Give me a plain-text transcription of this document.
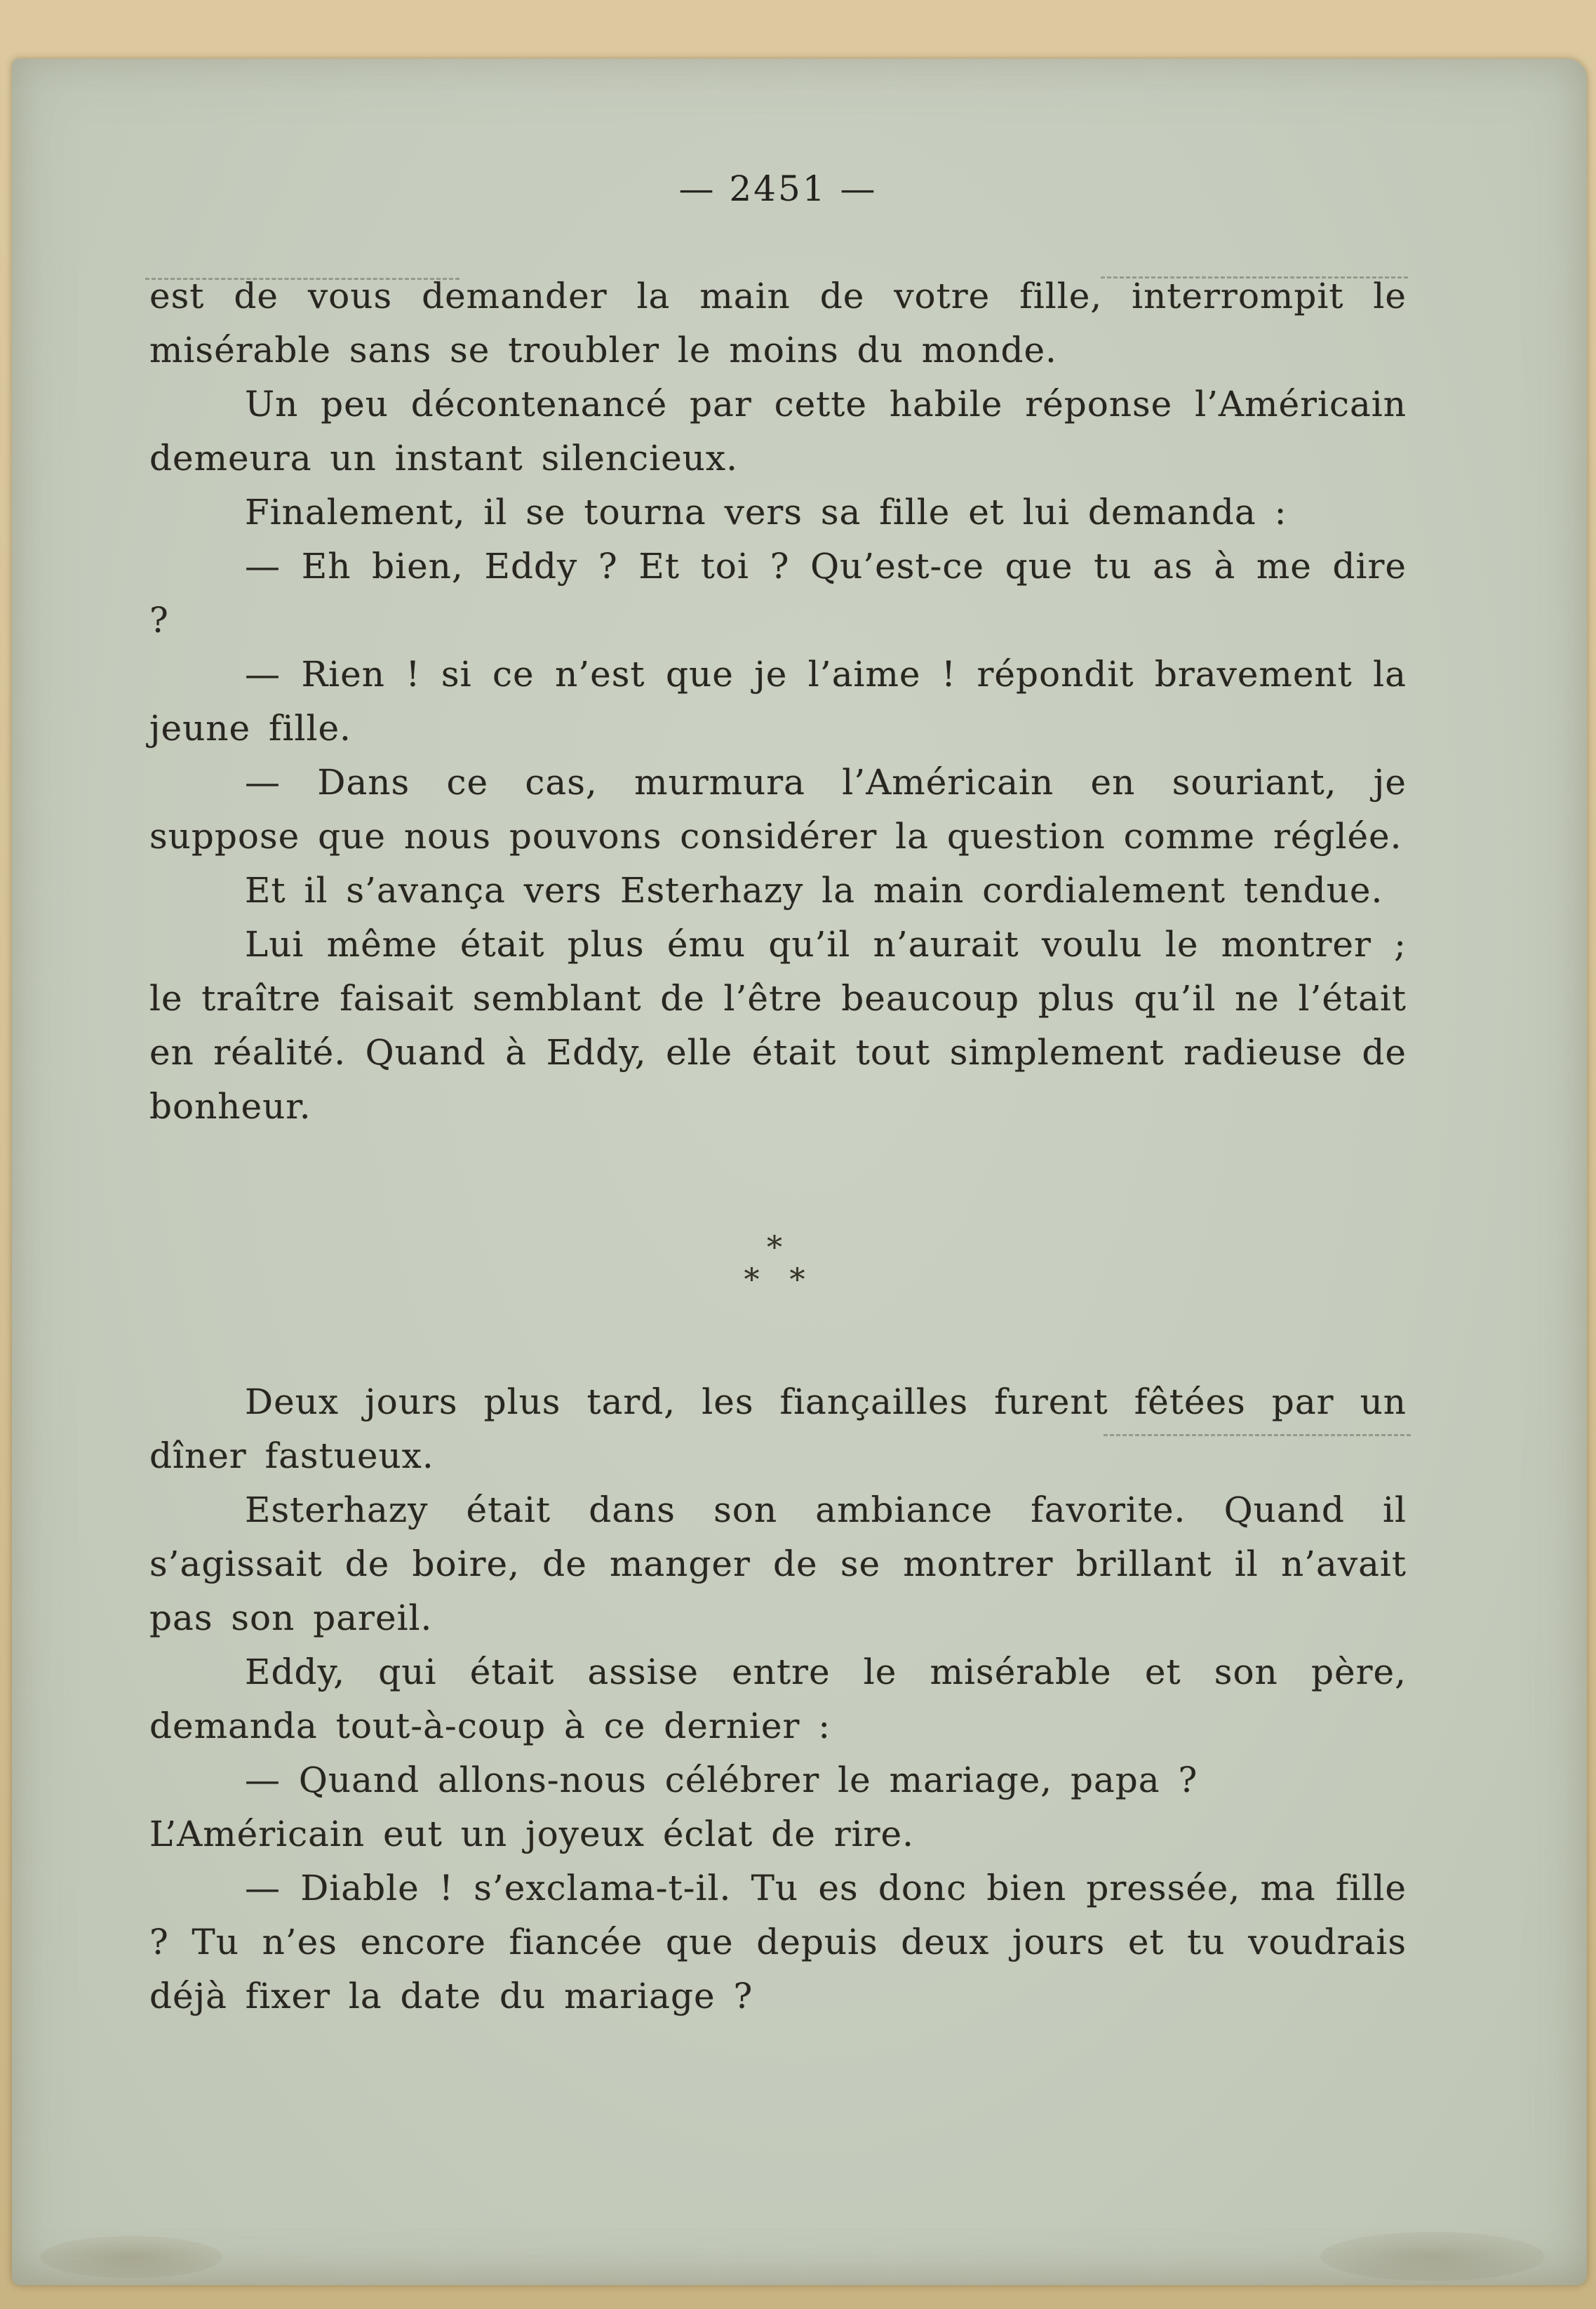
— 2451 —

est de vous demander la main de votre fille, interrompit le misérable sans se troubler le moins du monde.

Un peu décontenancé par cette habile réponse l’Américain demeura un instant silencieux.

Finalement, il se tourna vers sa fille et lui demanda :

— Eh bien, Eddy ? Et toi ? Qu’est-ce que tu as à me dire ?

— Rien ! si ce n’est que je l’aime ! répondit bravement la jeune fille.

— Dans ce cas, murmura l’Américain en souriant, je suppose que nous pouvons considérer la question comme réglée.

Et il s’avança vers Esterhazy la main cordialement tendue.

Lui même était plus ému qu’il n’aurait voulu le montrer ; le traître faisait semblant de l’être beaucoup plus qu’il ne l’était en réalité. Quand à Eddy, elle était tout simplement radieuse de bonheur.

*
* *

Deux jours plus tard, les fiançailles furent fêtées par un dîner fastueux.

Esterhazy était dans son ambiance favorite. Quand il s’agissait de boire, de manger de se montrer brillant il n’avait pas son pareil.

Eddy, qui était assise entre le misérable et son père, demanda tout-à-coup à ce dernier :

— Quand allons-nous célébrer le mariage, papa ?

L’Américain eut un joyeux éclat de rire.

— Diable ! s’exclama-t-il. Tu es donc bien pressée, ma fille ? Tu n’es encore fiancée que depuis deux jours et tu voudrais déjà fixer la date du mariage ?
